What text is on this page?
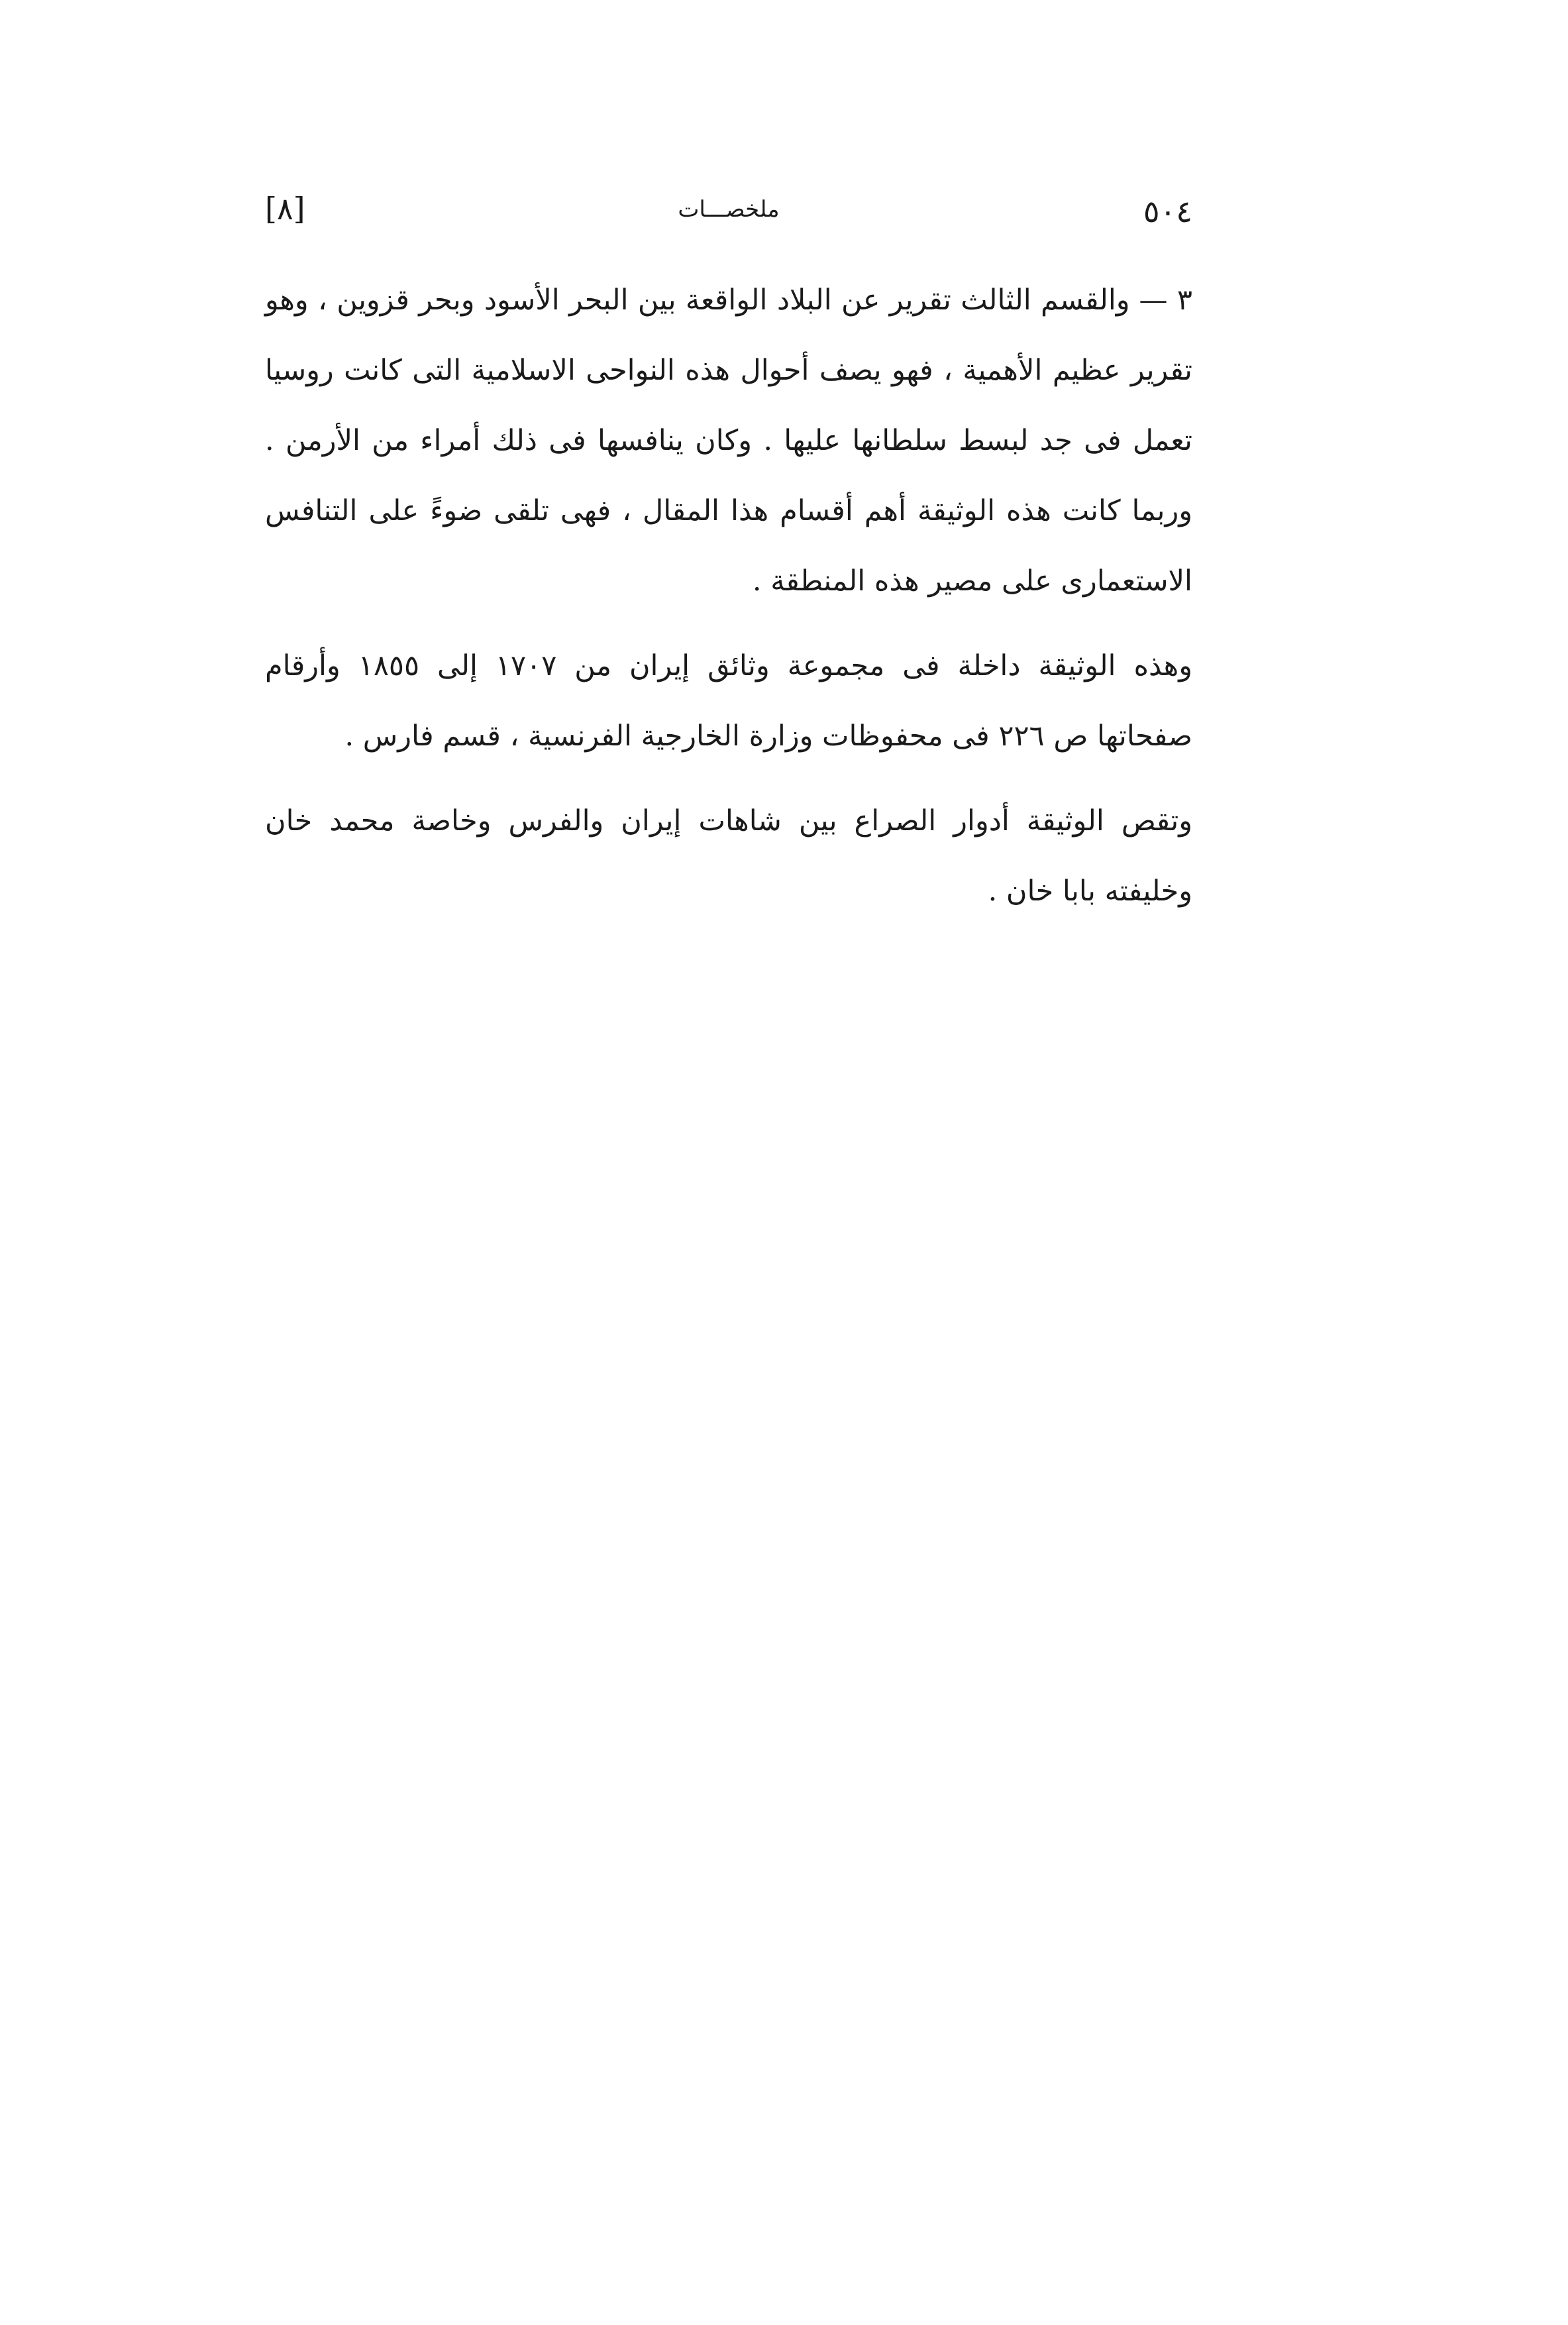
٥٠٤
ملخصـــات
[٨]

٣ —والقسم الثالث تقرير عن البلاد الواقعة بين البحر الأسود وبحر قزوين ، وهو تقرير عظيم الأهمية ، فهو يصف أحوال هذه النواحى الاسلامية التى كانت روسيا تعمل فى جد لبسط سلطانها عليها . وكان ينافسها فى ذلك أمراء من الأرمن . وربما كانت هذه الوثيقة أهم أقسام هذا المقال ، فهى تلقى ضوءً على التنافس الاستعمارى على مصير هذه المنطقة .

وهذه الوثيقة داخلة فى مجموعة وثائق إيران من ١٧٠٧ إلى ١٨٥٥ وأرقام صفحاتها ص ٢٢٦ فى محفوظات وزارة الخارجية الفرنسية ، قسم فارس .

وتقص الوثيقة أدوار الصراع بين شاهات إيران والفرس وخاصة محمد خان وخليفته بابا خان .
